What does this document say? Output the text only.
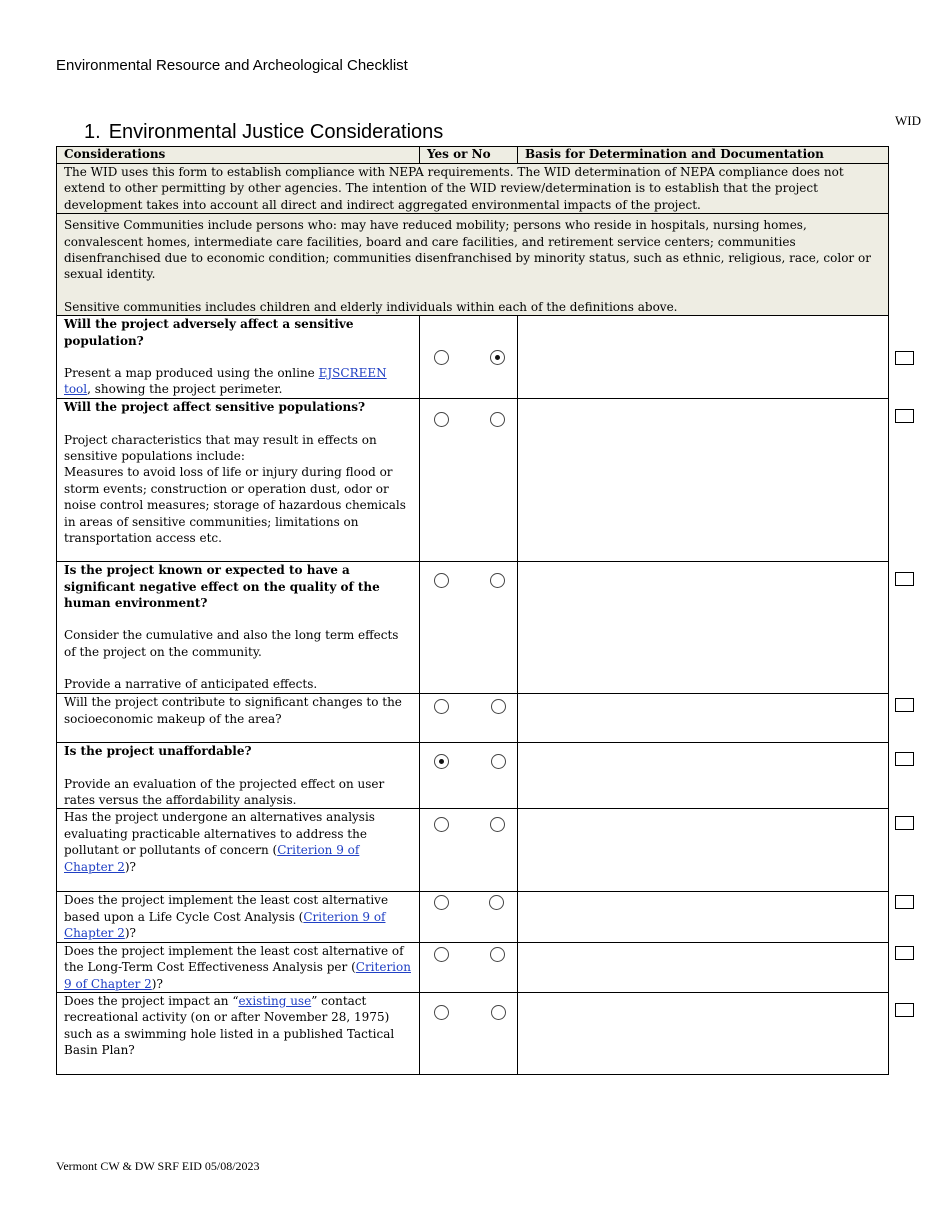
Environmental Resource and Archeological Checklist
WID
1. Environmental Justice Considerations
Considerations	Yes or No	Basis for Determination and Documentation
The WID uses this form to establish compliance with NEPA requirements. The WID determination of NEPA compliance does not extend to other permitting by other agencies. The intention of the WID review/determination is to establish that the project development takes into account all direct and indirect aggregated environmental impacts of the project.		

Sensitive Communities include persons who: may have reduced mobility; persons who reside in hospitals, nursing homes, convalescent homes, intermediate care facilities, board and care facilities, and retirement service centers; communities disenfranchised due to economic condition; communities disenfranchised by minority status, such as ethnic, religious, race, color or sexual identity.
Sensitive communities includes children and elderly individuals within each of the definitions above.		

Will the project adversely affect a sensitive population?
Present a map produced using the online EJSCREEN tool, showing the project perimeter.		

Will the project affect sensitive populations?
Project characteristics that may result in effects on sensitive populations include:
Measures to avoid loss of life or injury during flood or storm events; construction or operation dust, odor or noise control measures; storage of hazardous chemicals in areas of sensitive communities; limitations on transportation access etc.		

Is the project known or expected to have a significant negative effect on the quality of the human environment?
Consider the cumulative and also the long term effects of the project on the community.
Provide a narrative of anticipated effects.		

Will the project contribute to significant changes to the socioeconomic makeup of the area?		

Is the project unaffordable?
Provide an evaluation of the projected effect on user rates versus the affordability analysis.		

Has the project undergone an alternatives analysis evaluating practicable alternatives to address the pollutant or pollutants of concern (Criterion 9 of Chapter 2)?		

Does the project implement the least cost alternative based upon a Life Cycle Cost Analysis (Criterion 9 of Chapter 2)?		

Does the project implement the least cost alternative of the Long-Term Cost Effectiveness Analysis per (Criterion 9 of Chapter 2)?		

Does the project impact an “existing use” contact recreational activity (on or after November 28, 1975) such as a swimming hole listed in a published Tactical Basin Plan?		

Vermont CW & DW SRF EID 05/08/2023
